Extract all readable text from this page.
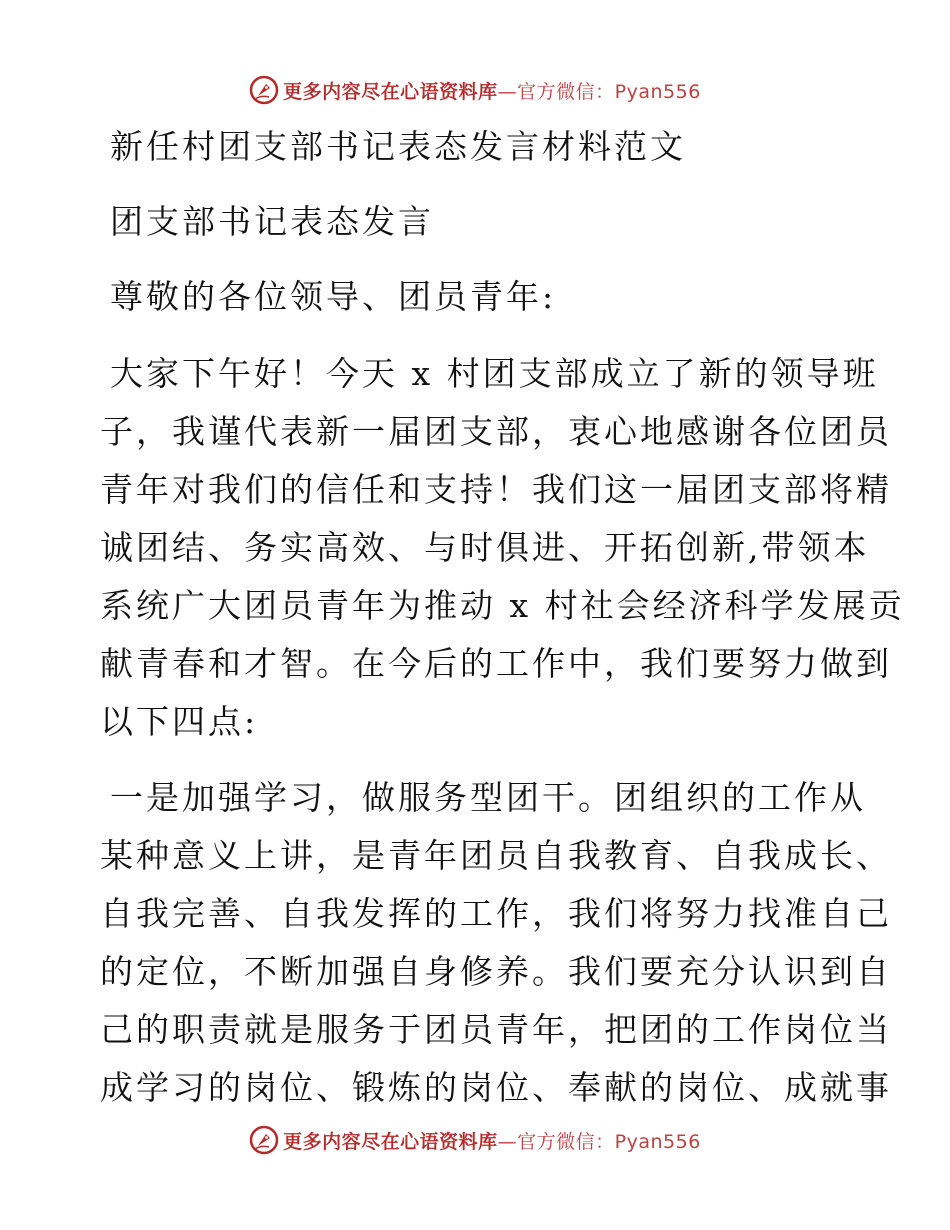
更多内容尽在心语资料库—官方微信：Pyan556
新任村团支部书记表态发言材料范文
团支部书记表态发言
尊敬的各位领导、团员青年:
大家下午好！今天 x 村团支部成立了新的领导班
子，我谨代表新一届团支部，衷心地感谢各位团员
青年对我们的信任和支持！我们这一届团支部将精
诚团结、务实高效、与时俱进、开拓创新,带领本
系统广大团员青年为推动 x 村社会经济科学发展贡
献青春和才智。在今后的工作中，我们要努力做到
以下四点:
一是加强学习，做服务型团干。团组织的工作从
某种意义上讲，是青年团员自我教育、自我成长、
自我完善、自我发挥的工作，我们将努力找准自己
的定位，不断加强自身修养。我们要充分认识到自
己的职责就是服务于团员青年，把团的工作岗位当
成学习的岗位、锻炼的岗位、奉献的岗位、成就事
更多内容尽在心语资料库—官方微信：Pyan556
